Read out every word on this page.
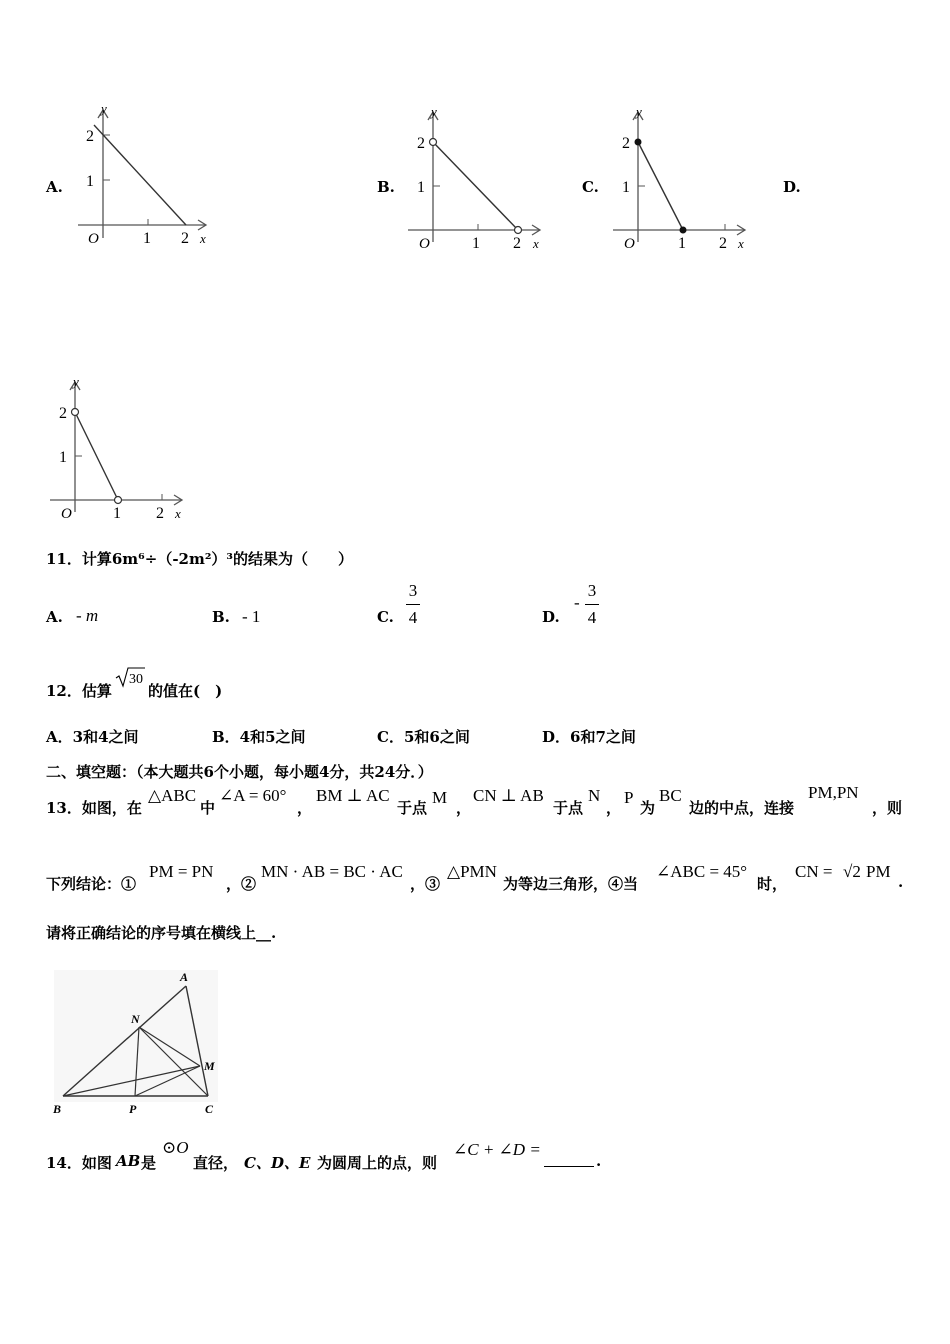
A.
y
x
O
2
1
1 2
B.
y
x
O
2
1
1 2
C.
y
x
O
2
1
1 2
D.
y
x
O
2
1
1 2
11．计算6m⁶÷（-2m²）³的结果为（　　）
A. - m	B. - 1	C.
3
4	D.
-
3
4
12．估算
30
的值在(　)
A．3和4之间	B．4和5之间	C．5和6之间	D．6和7之间
二、填空题：（本大题共6个小题，每小题4分，共24分．）
13．如图，在
△ABC
中
∠A = 60°
，
BM ⊥ AC
于点
M
，
CN ⊥ AB
于点
N
，
P
为
BC
边的中点，连接
PM,PN
，则
下列结论：①
PM = PN
，②
MN · AB = BC · AC
，③
△PMN
为等边三角形，④当
∠ABC = 45°
时，
CN = √2 PM
.
请将正确结论的序号填在横线上__.
A
N
M
B	P	C
14．如图 AB 是
⊙O
直径， C、D、E 为圆周上的点，则
∠C + ∠D =
.
